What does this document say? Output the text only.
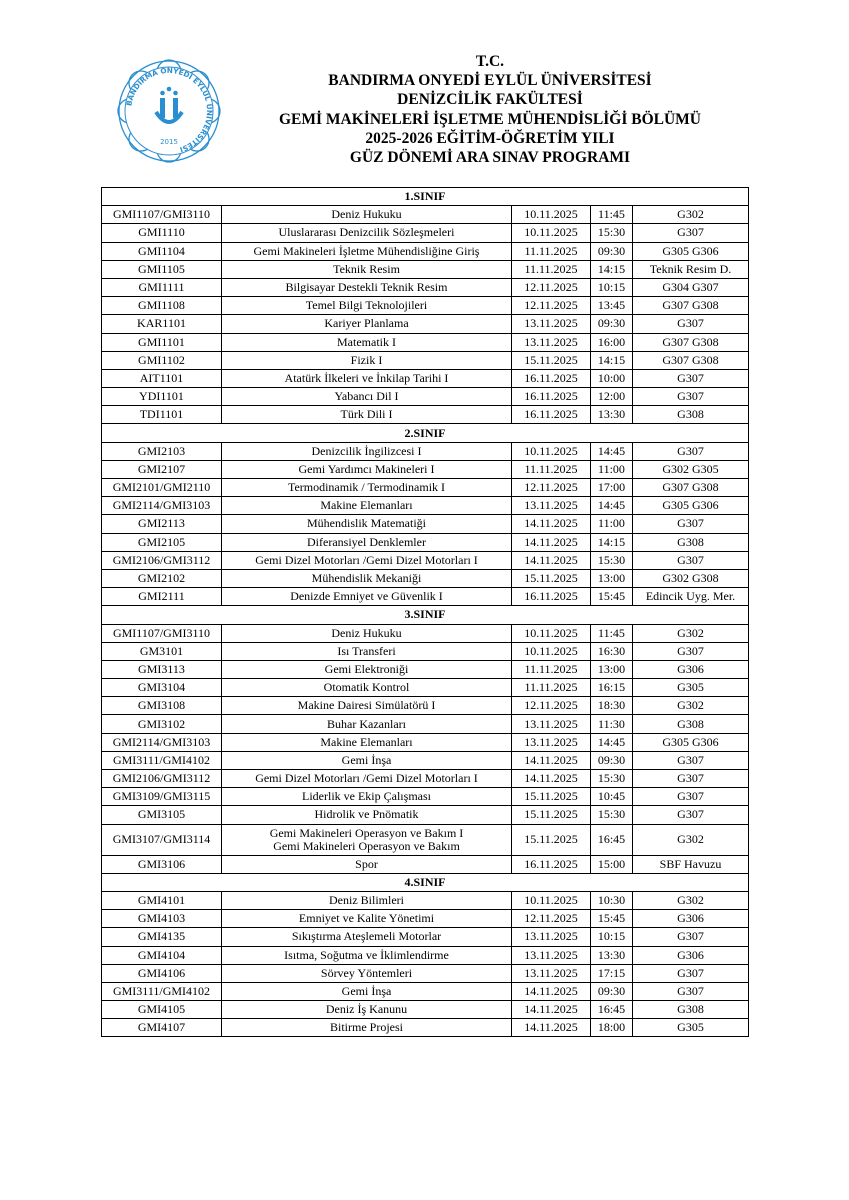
BANDIRMA ONYEDİ EYLÜL ÜNİVERSİTESİ
2015
T.C.
BANDIRMA ONYEDİ EYLÜL ÜNİVERSİTESİ
DENİZCİLİK FAKÜLTESİ
GEMİ MAKİNELERİ İŞLETME MÜHENDİSLİĞİ BÖLÜMÜ
2025-2026 EĞİTİM-ÖĞRETİM YILI
GÜZ DÖNEMİ ARA SINAV PROGRAMI
1.SINIF				
GMI1107/GMI3110	Deniz Hukuku	10.11.2025	11:45	G302
GMI1110	Uluslararası Denizcilik Sözleşmeleri	10.11.2025	15:30	G307
GMI1104	Gemi Makineleri İşletme Mühendisliğine Giriş	11.11.2025	09:30	G305 G306
GMI1105	Teknik Resim	11.11.2025	14:15	Teknik Resim D.
GMI1111	Bilgisayar Destekli Teknik Resim	12.11.2025	10:15	G304 G307
GMI1108	Temel Bilgi Teknolojileri	12.11.2025	13:45	G307 G308
KAR1101	Kariyer Planlama	13.11.2025	09:30	G307
GMI1101	Matematik I	13.11.2025	16:00	G307 G308
GMI1102	Fizik I	15.11.2025	14:15	G307 G308
AIT1101	Atatürk İlkeleri ve İnkilap Tarihi I	16.11.2025	10:00	G307
YDI1101	Yabancı Dil I	16.11.2025	12:00	G307
TDI1101	Türk Dili I	16.11.2025	13:30	G308
2.SINIF				
GMI2103	Denizcilik İngilizcesi I	10.11.2025	14:45	G307
GMI2107	Gemi Yardımcı Makineleri I	11.11.2025	11:00	G302 G305
GMI2101/GMI2110	Termodinamik / Termodinamik I	12.11.2025	17:00	G307 G308
GMI2114/GMI3103	Makine Elemanları	13.11.2025	14:45	G305 G306
GMI2113	Mühendislik Matematiği	14.11.2025	11:00	G307
GMI2105	Diferansiyel Denklemler	14.11.2025	14:15	G308
GMI2106/GMI3112	Gemi Dizel Motorları /Gemi Dizel Motorları I	14.11.2025	15:30	G307
GMI2102	Mühendislik Mekaniği	15.11.2025	13:00	G302 G308
GMI2111	Denizde Emniyet ve Güvenlik I	16.11.2025	15:45	Edincik Uyg. Mer.
3.SINIF				
GMI1107/GMI3110	Deniz Hukuku	10.11.2025	11:45	G302
GM3101	Isı Transferi	10.11.2025	16:30	G307
GMI3113	Gemi Elektroniği	11.11.2025	13:00	G306
GMI3104	Otomatik Kontrol	11.11.2025	16:15	G305
GMI3108	Makine Dairesi Simülatörü I	12.11.2025	18:30	G302
GMI3102	Buhar Kazanları	13.11.2025	11:30	G308
GMI2114/GMI3103	Makine Elemanları	13.11.2025	14:45	G305 G306
GMI3111/GMI4102	Gemi İnşa	14.11.2025	09:30	G307
GMI2106/GMI3112	Gemi Dizel Motorları /Gemi Dizel Motorları I	14.11.2025	15:30	G307
GMI3109/GMI3115	Liderlik ve Ekip Çalışması	15.11.2025	10:45	G307
GMI3105	Hidrolik ve Pnömatik	15.11.2025	15:30	G307
GMI3107/GMI3114	Gemi Makineleri Operasyon ve Bakım I
Gemi Makineleri Operasyon ve Bakım	15.11.2025	16:45	G302
GMI3106	Spor	16.11.2025	15:00	SBF Havuzu
4.SINIF				
GMI4101	Deniz Bilimleri	10.11.2025	10:30	G302
GMI4103	Emniyet ve Kalite Yönetimi	12.11.2025	15:45	G306
GMI4135	Sıkıştırma Ateşlemeli Motorlar	13.11.2025	10:15	G307
GMI4104	Isıtma, Soğutma ve İklimlendirme	13.11.2025	13:30	G306
GMI4106	Sörvey Yöntemleri	13.11.2025	17:15	G307
GMI3111/GMI4102	Gemi İnşa	14.11.2025	09:30	G307
GMI4105	Deniz İş Kanunu	14.11.2025	16:45	G308
GMI4107	Bitirme Projesi	14.11.2025	18:00	G305
